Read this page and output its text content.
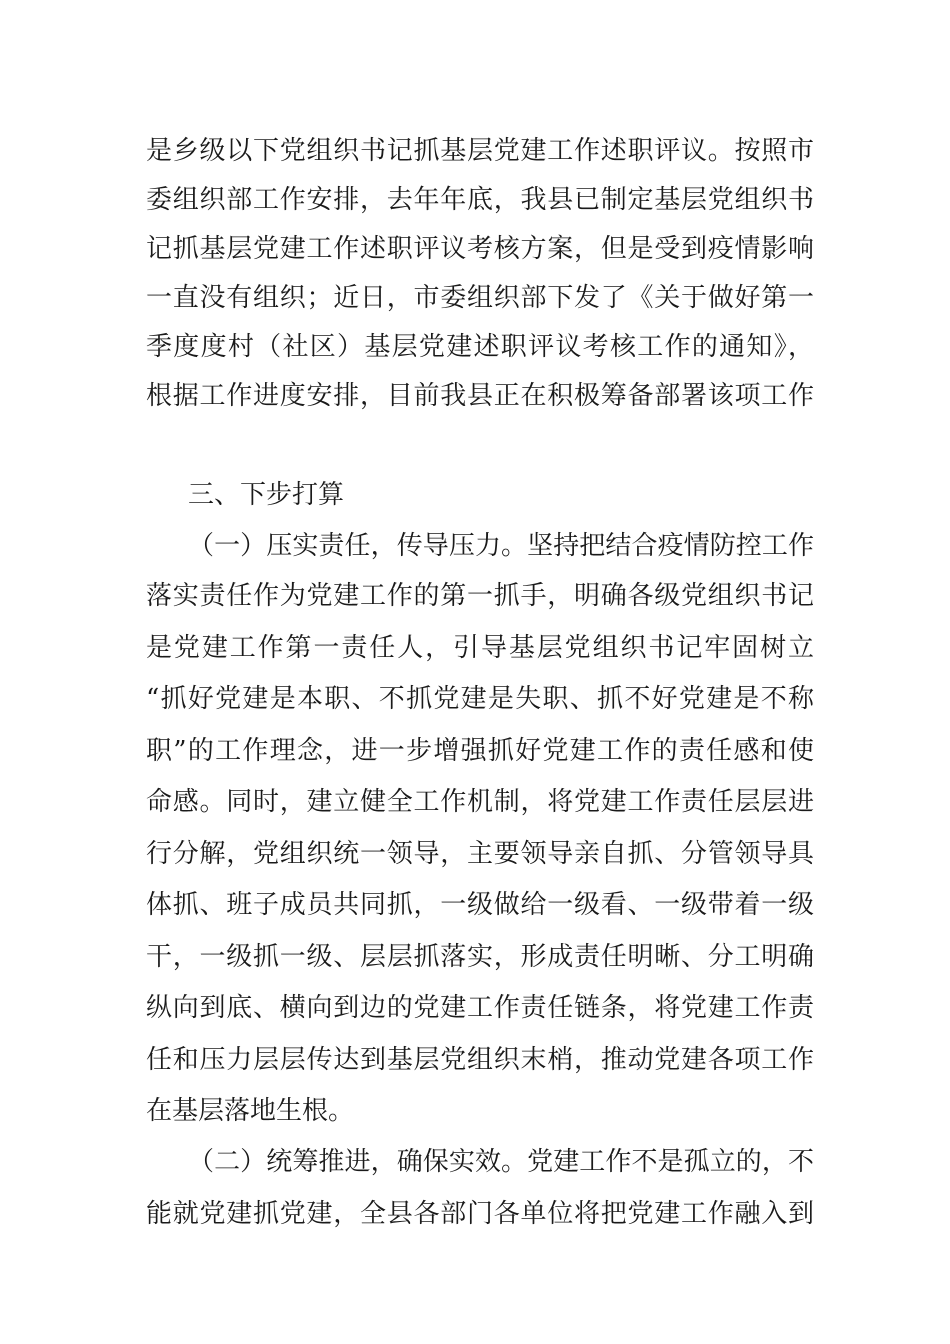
是乡级以下党组织书记抓基层党建工作述职评议。按照市
委组织部工作安排，去年年底，我县已制定基层党组织书
记抓基层党建工作述职评议考核方案，但是受到疫情影响
一直没有组织；近日，市委组织部下发了《关于做好第一
季度度村（社区）基层党建述职评议考核工作的通知》，
根据工作进度安排，目前我县正在积极筹备部署该项工作
三、下步打算
（一）压实责任，传导压力。坚持把结合疫情防控工作
落实责任作为党建工作的第一抓手，明确各级党组织书记
是党建工作第一责任人，引导基层党组织书记牢固树立
“抓好党建是本职、不抓党建是失职、抓不好党建是不称
职”的工作理念，进一步增强抓好党建工作的责任感和使
命感。同时，建立健全工作机制，将党建工作责任层层进
行分解，党组织统一领导，主要领导亲自抓、分管领导具
体抓、班子成员共同抓，一级做给一级看、一级带着一级
干，一级抓一级、层层抓落实，形成责任明晰、分工明确
纵向到底、横向到边的党建工作责任链条，将党建工作责
任和压力层层传达到基层党组织末梢，推动党建各项工作
在基层落地生根。
（二）统筹推进，确保实效。党建工作不是孤立的，不
能就党建抓党建，全县各部门各单位将把党建工作融入到
